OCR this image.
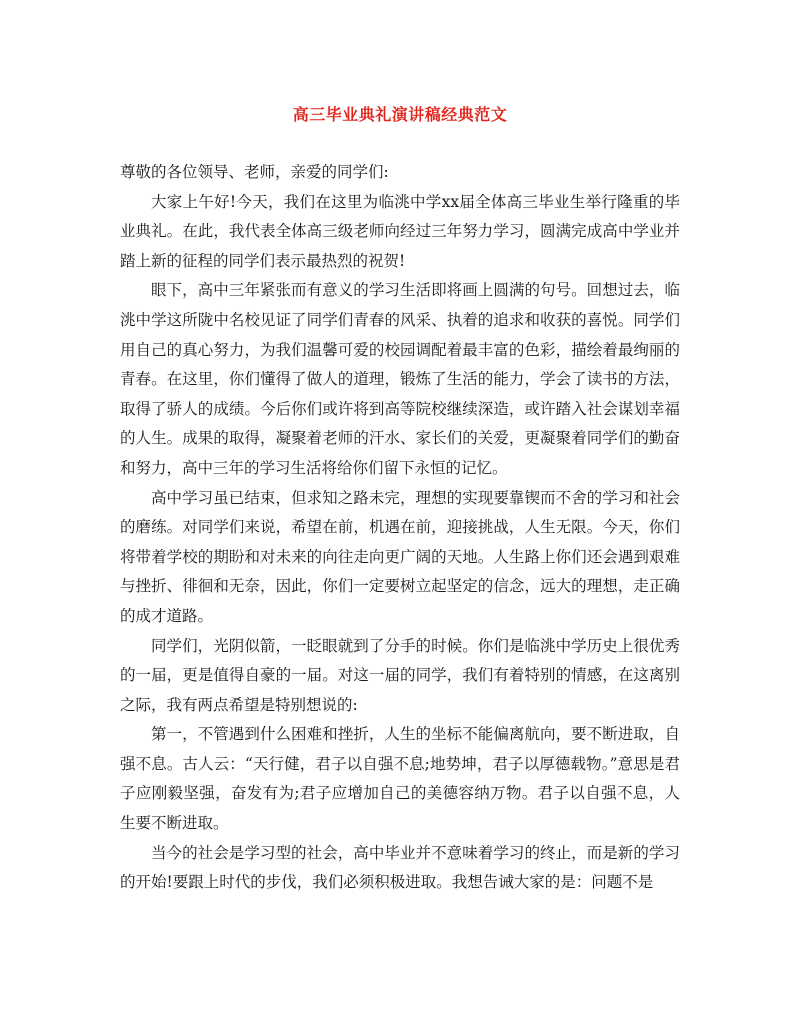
高三毕业典礼演讲稿经典范文

尊敬的各位领导、老师，亲爱的同学们:

大家上午好!今天，我们在这里为临洮中学xx届全体高三毕业生举行隆重的毕业典礼。在此，我代表全体高三级老师向经过三年努力学习，圆满完成高中学业并踏上新的征程的同学们表示最热烈的祝贺!

眼下，高中三年紧张而有意义的学习生活即将画上圆满的句号。回想过去，临洮中学这所陇中名校见证了同学们青春的风采、执着的追求和收获的喜悦。同学们用自己的真心努力，为我们温馨可爱的校园调配着最丰富的色彩，描绘着最绚丽的青春。在这里，你们懂得了做人的道理，锻炼了生活的能力，学会了读书的方法，取得了骄人的成绩。今后你们或许将到高等院校继续深造，或许踏入社会谋划幸福的人生。成果的取得，凝聚着老师的汗水、家长们的关爱，更凝聚着同学们的勤奋和努力，高中三年的学习生活将给你们留下永恒的记忆。

高中学习虽已结束，但求知之路未完，理想的实现要靠锲而不舍的学习和社会的磨练。对同学们来说，希望在前，机遇在前，迎接挑战，人生无限。今天，你们将带着学校的期盼和对未来的向往走向更广阔的天地。人生路上你们还会遇到艰难与挫折、徘徊和无奈，因此，你们一定要树立起坚定的信念，远大的理想，走正确的成才道路。

同学们，光阴似箭，一眨眼就到了分手的时候。你们是临洮中学历史上很优秀的一届，更是值得自豪的一届。对这一届的同学，我们有着特别的情感，在这离别之际，我有两点希望是特别想说的:

第一，不管遇到什么困难和挫折，人生的坐标不能偏离航向，要不断进取，自强不息。古人云：“天行健，君子以自强不息;地势坤，君子以厚德载物。”意思是君子应刚毅坚强，奋发有为;君子应增加自己的美德容纳万物。君子以自强不息，人生要不断进取。

当今的社会是学习型的社会，高中毕业并不意味着学习的终止，而是新的学习的开始!要跟上时代的步伐，我们必须积极进取。我想告诫大家的是：问题不是
